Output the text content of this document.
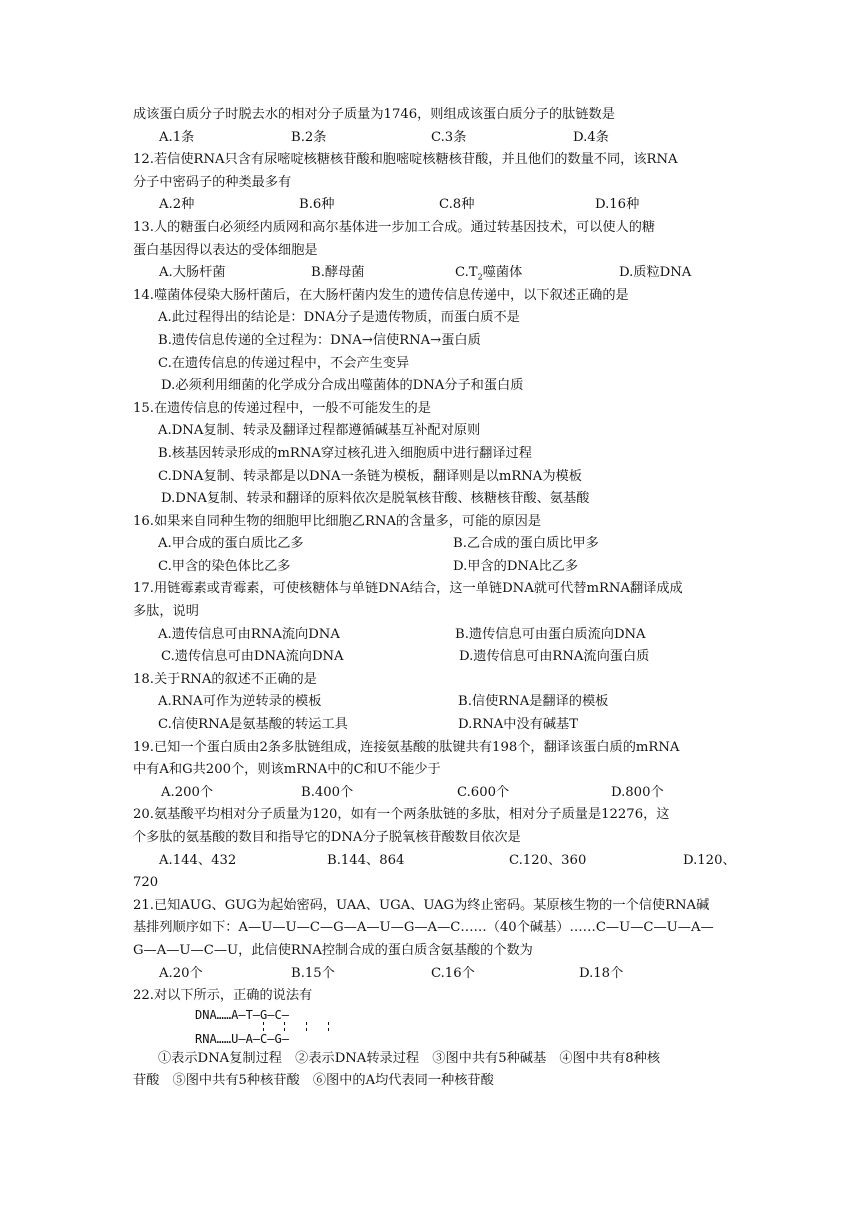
成该蛋白质分子时脱去水的相对分子质量为1746，则组成该蛋白质分子的肽链数是
A.1条	B.2条	C.3条	D.4条
12.若信使RNA只含有尿嘧啶核糖核苷酸和胞嘧啶核糖核苷酸，并且他们的数量不同，该RNA
分子中密码子的种类最多有
A.2种	B.6种	C.8种	D.16种
13.人的糖蛋白必须经内质网和高尔基体进一步加工合成。通过转基因技术，可以使人的糖
蛋白基因得以表达的受体细胞是
A.大肠杆菌	B.酵母菌	$C.T_2$噬菌体	D.质粒DNA
14.噬菌体侵染大肠杆菌后，在大肠杆菌内发生的遗传信息传递中，以下叙述正确的是
A.此过程得出的结论是：DNA分子是遗传物质，而蛋白质不是
B.遗传信息传递的全过程为：DNA→信使RNA→蛋白质
C.在遗传信息的传递过程中，不会产生变异
D.必须利用细菌的化学成分合成出噬菌体的DNA分子和蛋白质
15.在遗传信息的传递过程中，一般不可能发生的是
A.DNA复制、转录及翻译过程都遵循碱基互补配对原则
B.核基因转录形成的mRNA穿过核孔进入细胞质中进行翻译过程
C.DNA复制、转录都是以DNA一条链为模板，翻译则是以mRNA为模板
D.DNA复制、转录和翻译的原料依次是脱氧核苷酸、核糖核苷酸、氨基酸
16.如果来自同种生物的细胞甲比细胞乙RNA的含量多，可能的原因是
A.甲合成的蛋白质比乙多	B.乙合成的蛋白质比甲多
C.甲含的染色体比乙多	D.甲含的DNA比乙多
17.用链霉素或青霉素，可使核糖体与单链DNA结合，这一单链DNA就可代替mRNA翻译成成
多肽，说明
A.遗传信息可由RNA流向DNA	B.遗传信息可由蛋白质流向DNA
C.遗传信息可由DNA流向DNA	D.遗传信息可由RNA流向蛋白质
18.关于RNA的叙述不正确的是
A.RNA可作为逆转录的模板	B.信使RNA是翻译的模板
C.信使RNA是氨基酸的转运工具	D.RNA中没有碱基T
19.已知一个蛋白质由2条多肽链组成，连接氨基酸的肽键共有198个，翻译该蛋白质的mRNA
中有A和G共200个，则该mRNA中的C和U不能少于
A.200个	B.400个	C.600个	D.800个
20.氨基酸平均相对分子质量为120，如有一个两条肽链的多肽，相对分子质量是12276，这
个多肽的氨基酸的数目和指导它的DNA分子脱氧核苷酸数目依次是
A.144、432	B.144、864	C.120、360	D.120、
720
21.已知AUG、GUG为起始密码，UAA、UGA、UAG为终止密码。某原核生物的一个信使RNA碱
基排列顺序如下：A—U—U—C—G—A—U—G—A—C……（40个碱基）……C—U—C—U—A—
G—A—U—C—U，此信使RNA控制合成的蛋白质含氨基酸的个数为
A.20个	B.15个	C.16个	D.18个
22.对以下所示，正确的说法有
DNA……A—T—G—C—
RNA……U—A—C—G—
①表示DNA复制过程　②表示DNA转录过程　③图中共有5种碱基　④图中共有8种核
苷酸　⑤图中共有5种核苷酸　⑥图中的A均代表同一种核苷酸
